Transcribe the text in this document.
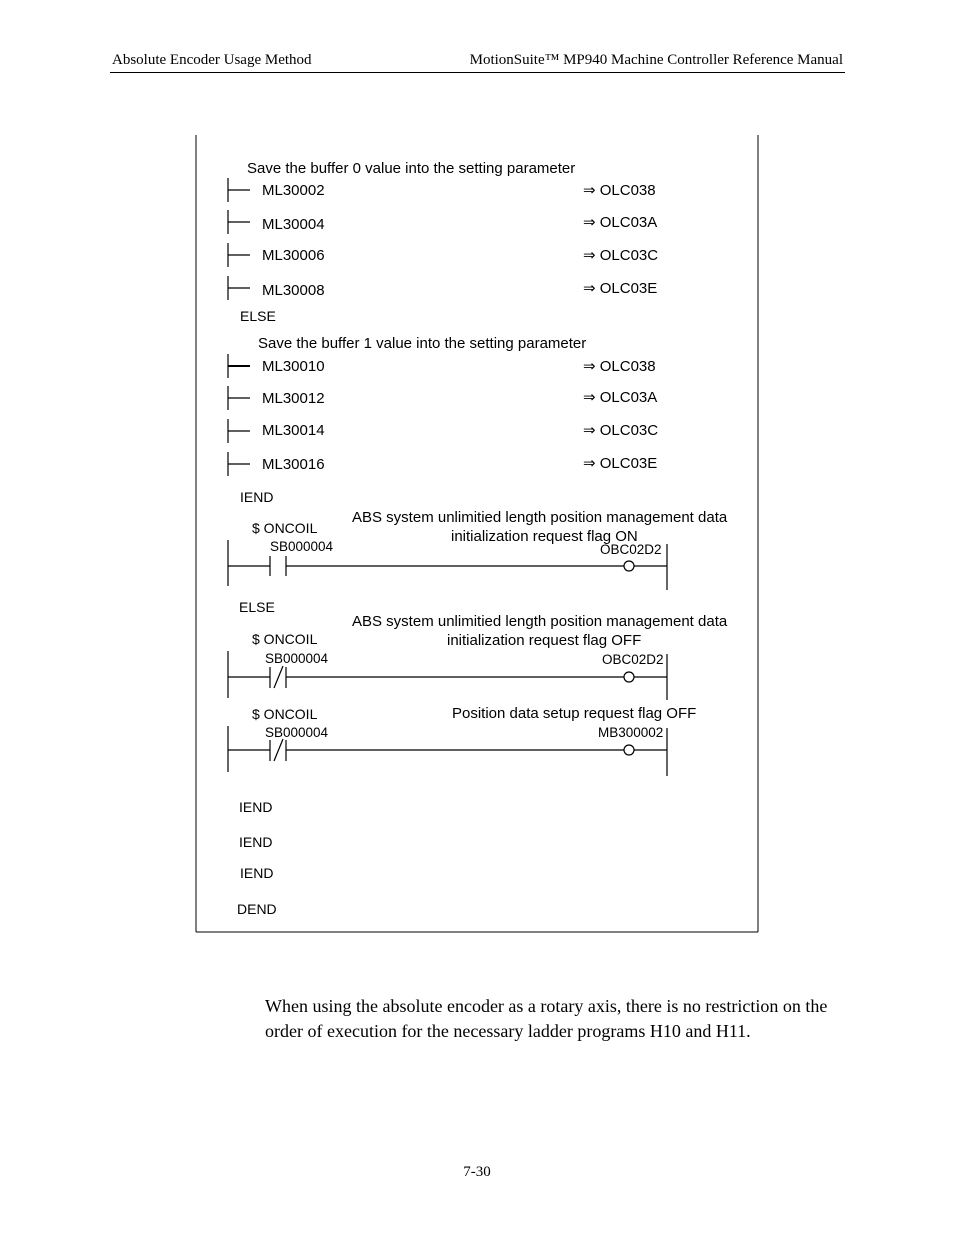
Absolute Encoder Usage Method	MotionSuite™ MP940 Machine Controller Reference Manual
Save the buffer 0 value into the setting parameter
ML30002	⇒ OLC038
ML30004	⇒ OLC03A
ML30006	⇒ OLC03C
ML30008	⇒ OLC03E
ELSE
Save the buffer 1 value into the setting parameter
ML30010	⇒ OLC038
ML30012	⇒ OLC03A
ML30014	⇒ OLC03C
ML30016	⇒ OLC03E
IEND
ABS system unlimitied length position management data
initialization request flag ON
$ ONCOIL
SB000004	OBC02D2
ELSE
ABS system unlimitied length position management data
initialization request flag OFF
$ ONCOIL
SB000004	OBC02D2
Position data setup request flag OFF
$ ONCOIL
SB000004	MB300002
IEND
IEND
IEND
DEND

When using the absolute encoder as a rotary axis, there is no restriction on the order of execution for the necessary ladder programs H10 and H11.

7-30
